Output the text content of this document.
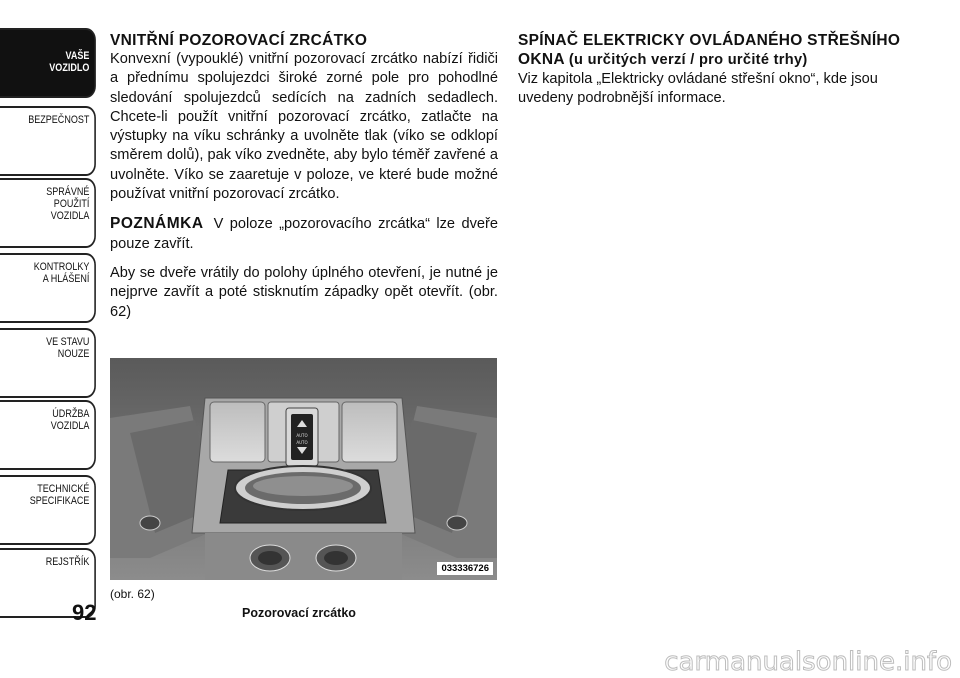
VAŠE
VOZIDLO
BEZPEČNOST
SPRÁVNÉ
POUŽITÍ
VOZIDLA
KONTROLKY
A HLÁŠENÍ
VE STAVU
NOUZE
ÚDRŽBA
VOZIDLA
TECHNICKÉ
SPECIFIKACE
REJSTŘÍK
92
VNITŘNÍ POZOROVACÍ ZRCÁTKO

Konvexní (vypouklé) vnitřní pozorovací zrcátko nabízí řidiči a přednímu spolujezdci široké zorné pole pro pohodlné sledování spolujezdců sedících na zadních sedadlech. Chcete-li použít vnitřní pozorovací zrcátko, zatlačte na výstupky na víku schránky a uvolněte tlak (víko se odklopí směrem dolů), pak víko zvedněte, aby bylo téměř zavřené a uvolněte. Víko se zaaretuje v poloze, ve které bude možné používat vnitřní pozorovací zrcátko.

POZNÁMKA V poloze „pozorovacího zrcátka“ lze dveře pouze zavřít.

Aby se dveře vrátily do polohy úplného otevření, je nutné je nejprve zavřít a poté stisknutím západky opět otevřít. (obr. 62)

SPÍNAČ ELEKTRICKY OVLÁDANÉHO STŘEŠNÍHO OKNA (u určitých verzí / pro určité trhy)

Viz kapitola „Elektricky ovládané střešní okno“, kde jsou uvedeny podrobnější informace.

AUTO
AUTO
033336726
(obr. 62)
Pozorovací zrcátko
carmanualsonline.info
